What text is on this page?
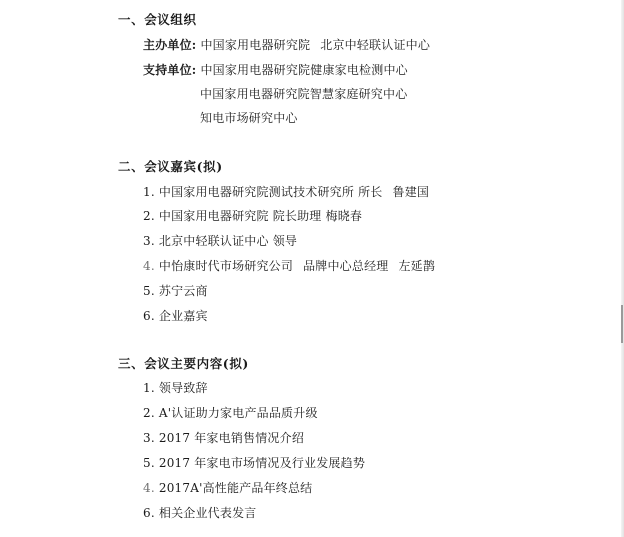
一、会议组织
主办单位: 中国家用电器研究院 北京中轻联认证中心
支持单位: 中国家用电器研究院健康家电检测中心
中国家用电器研究院智慧家庭研究中心
知电市场研究中心
二、会议嘉宾(拟)
1. 中国家用电器研究院测试技术研究所 所长 鲁建国
2. 中国家用电器研究院 院长助理 梅晓春
3. 北京中轻联认证中心 领导
4. 中怡康时代市场研究公司 品牌中心总经理 左延鹊
5. 苏宁云商
6. 企业嘉宾
三、会议主要内容(拟)
1. 领导致辞
2. A'认证助力家电产品品质升级
3. 2017 年家电销售情况介绍
5. 2017 年家电市场情况及行业发展趋势
4. 2017A'高性能产品年终总结
6. 相关企业代表发言
